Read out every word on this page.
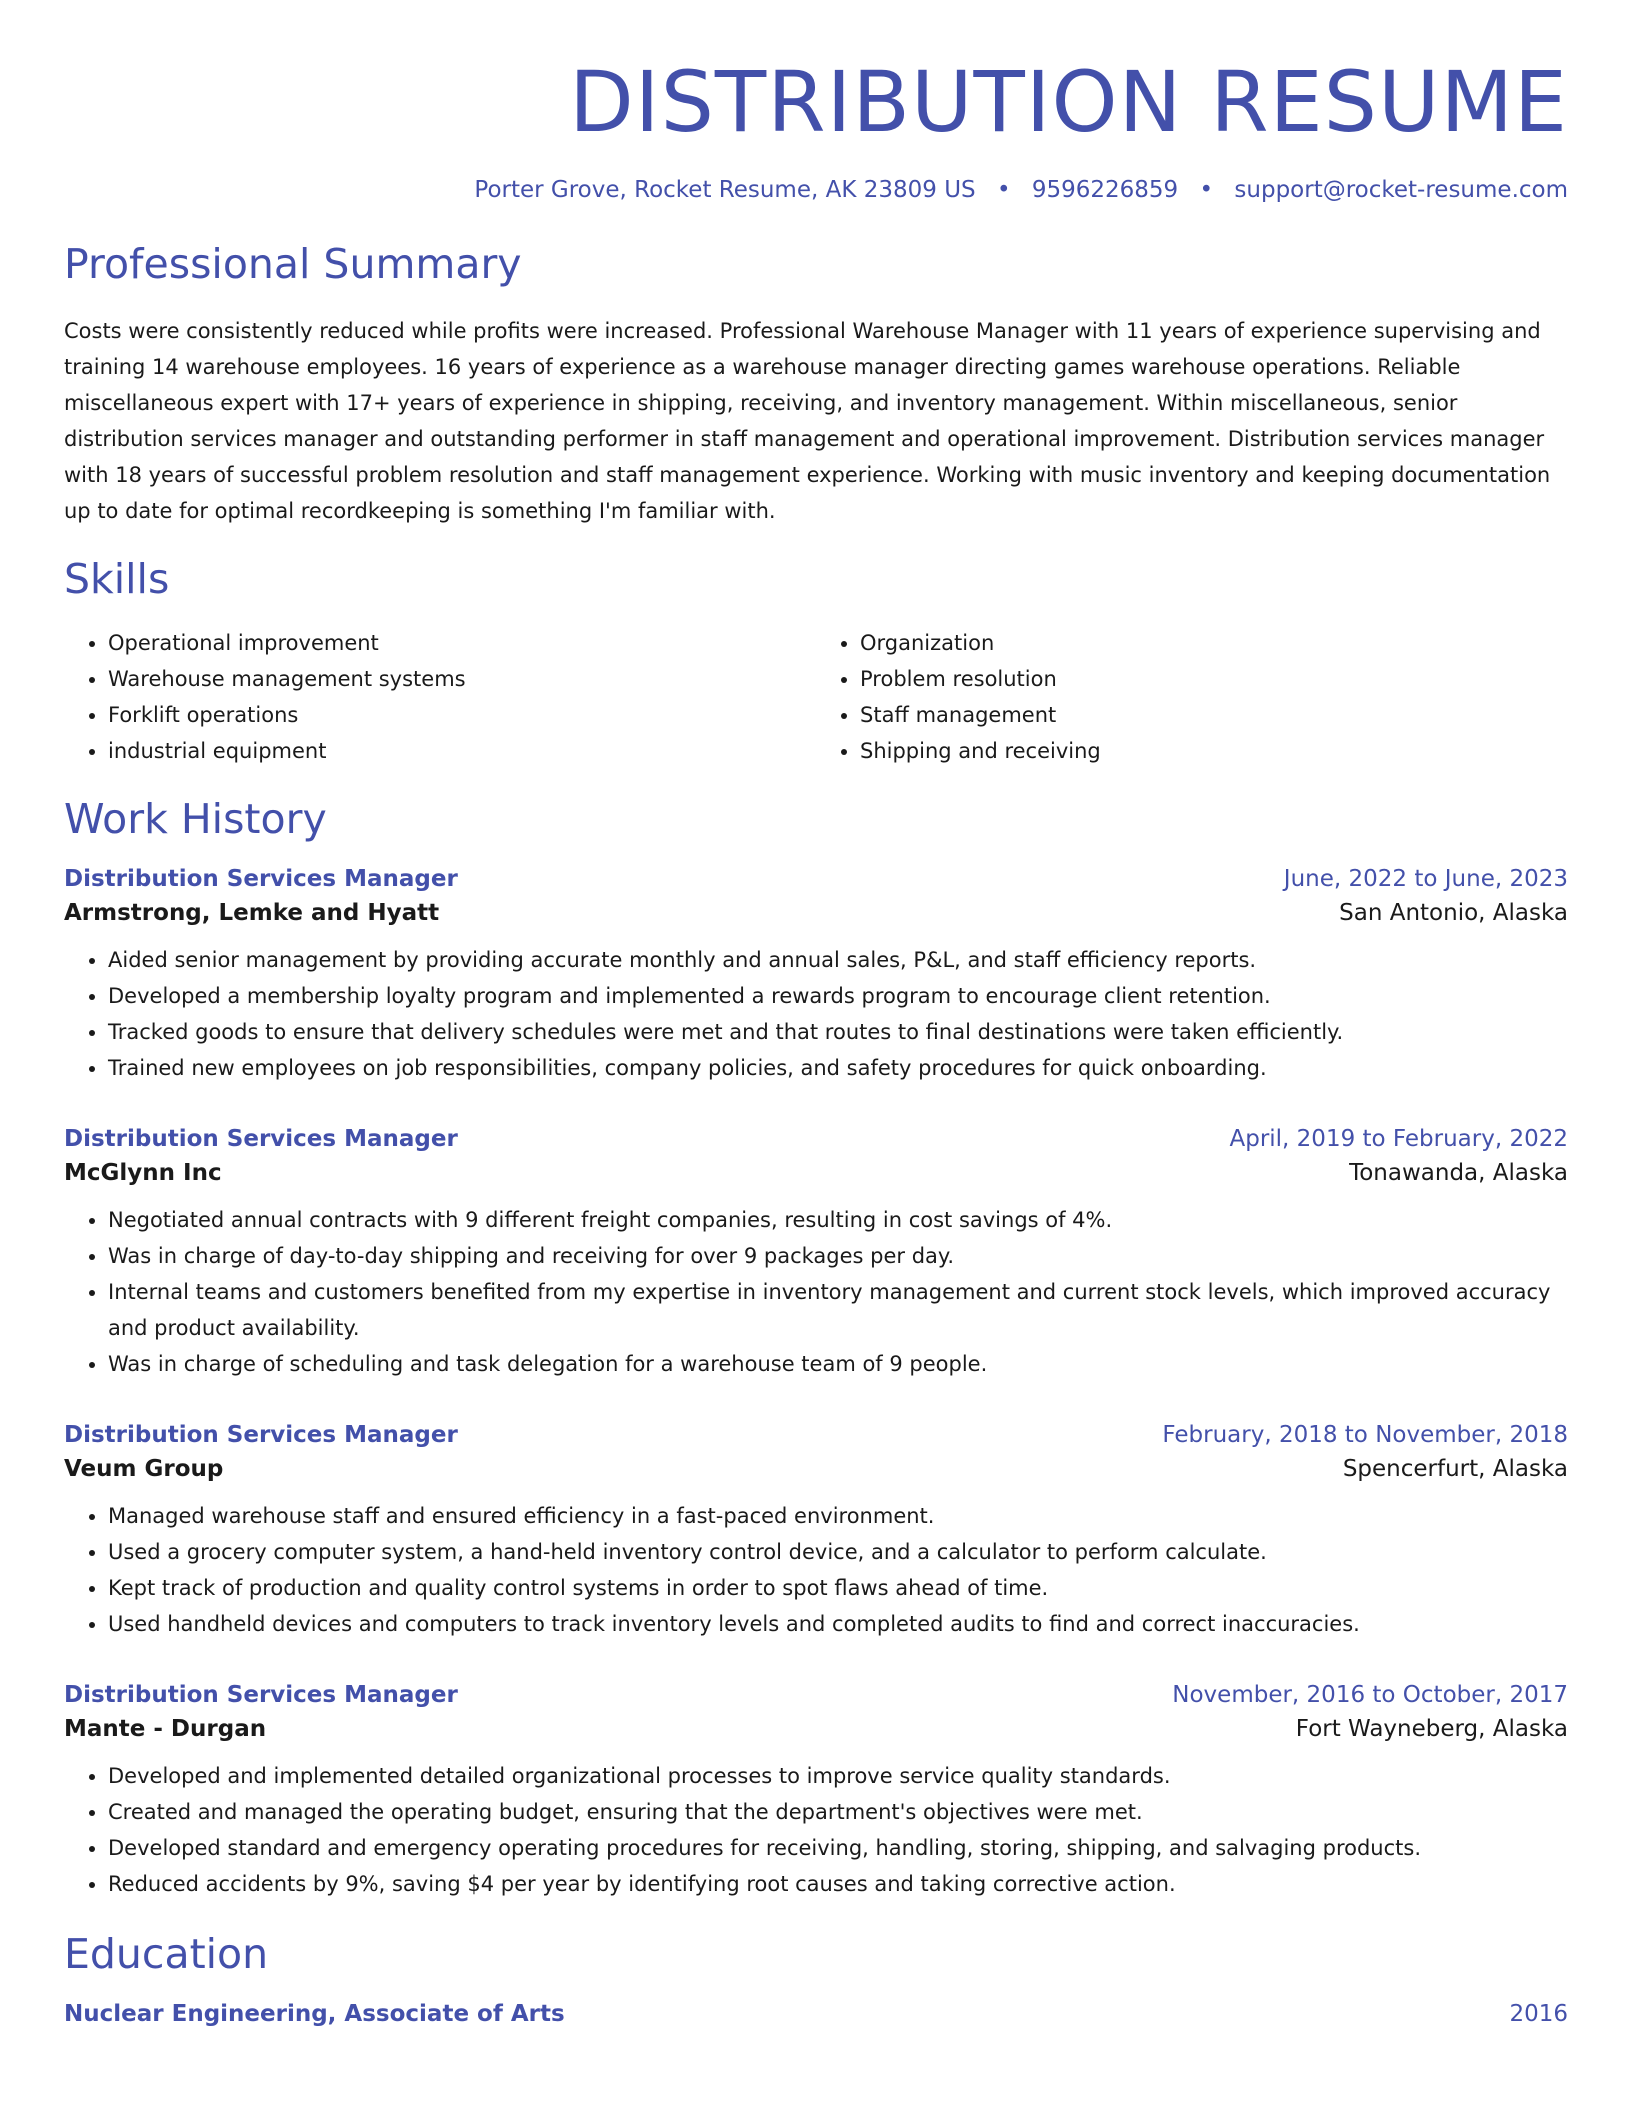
DISTRIBUTION RESUME
Porter Grove, Rocket Resume, AK 23809 US • 9596226859 • support@rocket-resume.com
Professional Summary

Costs were consistently reduced while profits were increased. Professional Warehouse Manager with 11 years of experience supervising and training 14 warehouse employees. 16 years of experience as a warehouse manager directing games warehouse operations. Reliable miscellaneous expert with 17+ years of experience in shipping, receiving, and inventory management. Within miscellaneous, senior distribution services manager and outstanding performer in staff management and operational improvement. Distribution services manager with 18 years of successful problem resolution and staff management experience. Working with music inventory and keeping documentation up to date for optimal recordkeeping is something I'm familiar with.

Skills
• Operational improvement
• Warehouse management systems
• Forklift operations
• industrial equipment
• Organization
• Problem resolution
• Staff management
• Shipping and receiving
Work History
Distribution Services Manager	June, 2022 to June, 2023
Armstrong, Lemke and Hyatt	San Antonio, Alaska
• Aided senior management by providing accurate monthly and annual sales, P&L, and staff efficiency reports.
• Developed a membership loyalty program and implemented a rewards program to encourage client retention.
• Tracked goods to ensure that delivery schedules were met and that routes to final destinations were taken efficiently.
• Trained new employees on job responsibilities, company policies, and safety procedures for quick onboarding.
Distribution Services Manager	April, 2019 to February, 2022
McGlynn Inc	Tonawanda, Alaska
• Negotiated annual contracts with 9 different freight companies, resulting in cost savings of 4%.
• Was in charge of day-to-day shipping and receiving for over 9 packages per day.
• Internal teams and customers benefited from my expertise in inventory management and current stock levels, which improved accuracy and product availability.
• Was in charge of scheduling and task delegation for a warehouse team of 9 people.
Distribution Services Manager	February, 2018 to November, 2018
Veum Group	Spencerfurt, Alaska
• Managed warehouse staff and ensured efficiency in a fast-paced environment.
• Used a grocery computer system, a hand-held inventory control device, and a calculator to perform calculate.
• Kept track of production and quality control systems in order to spot flaws ahead of time.
• Used handheld devices and computers to track inventory levels and completed audits to find and correct inaccuracies.
Distribution Services Manager	November, 2016 to October, 2017
Mante - Durgan	Fort Wayneberg, Alaska
• Developed and implemented detailed organizational processes to improve service quality standards.
• Created and managed the operating budget, ensuring that the department's objectives were met.
• Developed standard and emergency operating procedures for receiving, handling, storing, shipping, and salvaging products.
• Reduced accidents by 9%, saving $4 per year by identifying root causes and taking corrective action.
Education
Nuclear Engineering, Associate of Arts	2016
